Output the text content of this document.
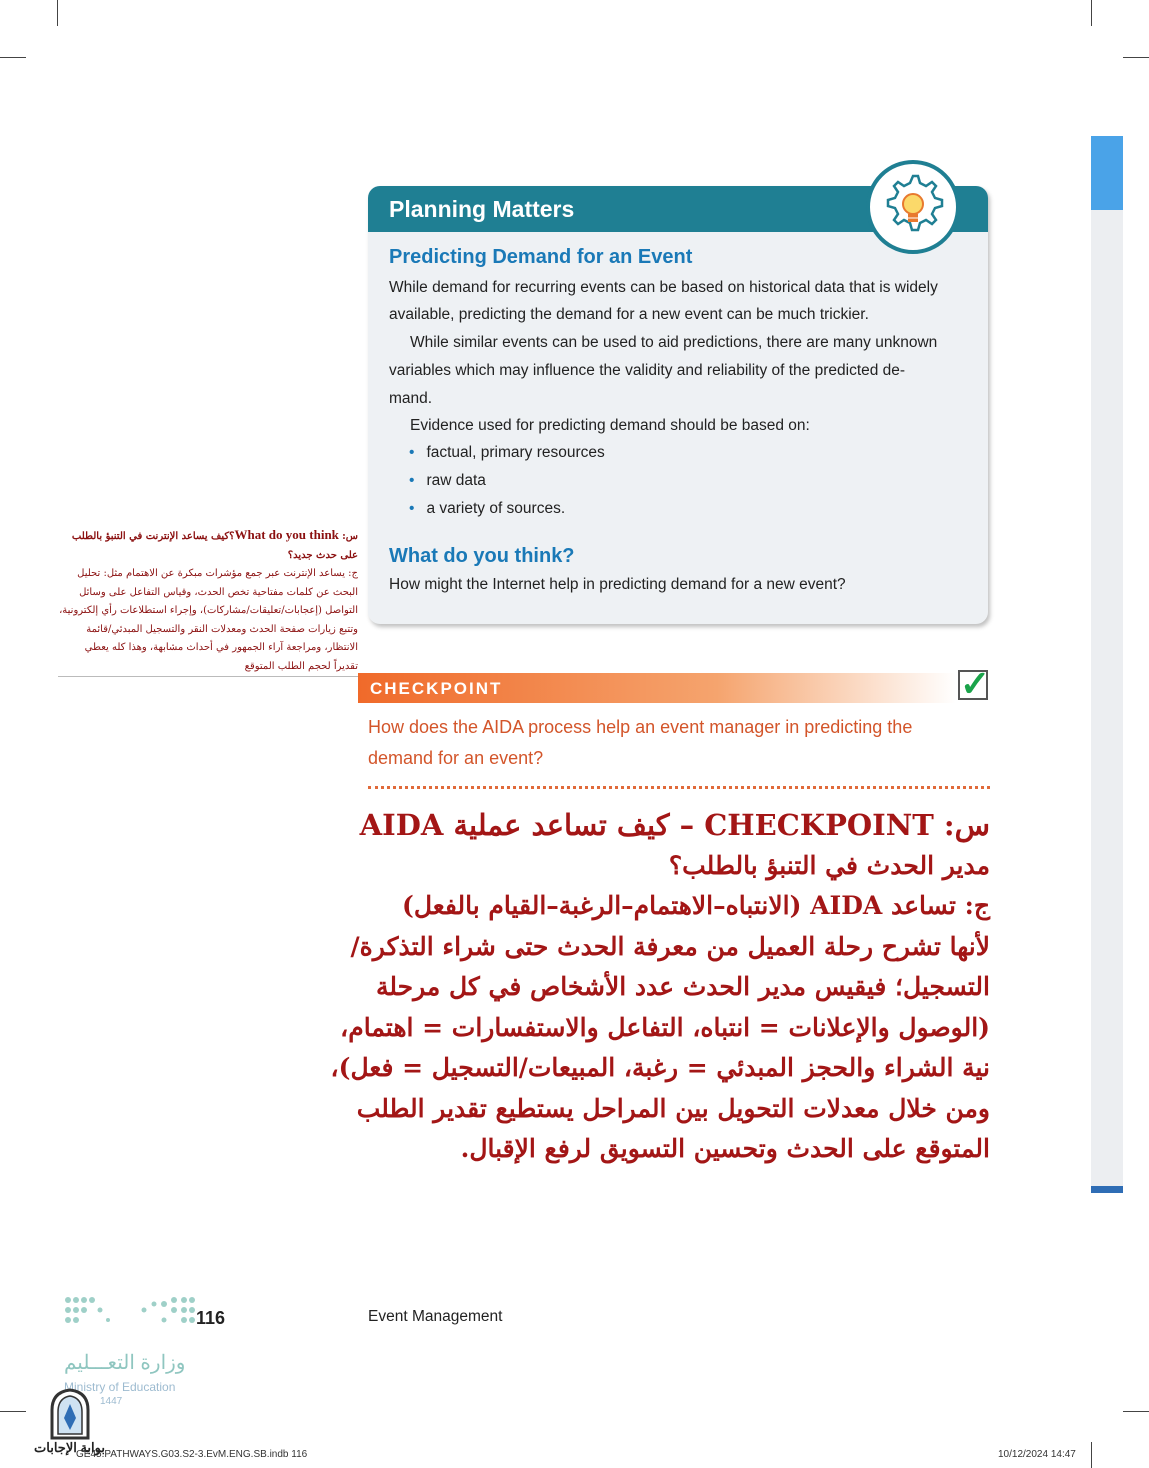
Planning Matters
Predicting Demand for an Event
While demand for recurring events can be based on historical data that is widely
available, predicting the demand for a new event can be much trickier.
While similar events can be used to aid predictions, there are many unknown
variables which may influence the validity and reliability of the predicted de-
mand.
Evidence used for predicting demand should be based on:
• factual, primary resources
• raw data
• a variety of sources.
What do you think?
How might the Internet help in predicting demand for a new event?
س: What do you think؟كيف يساعد الإنترنت في التنبؤ بالطلب على حدث جديد؟
ج: يساعد الإنترنت عبر جمع مؤشرات مبكرة عن الاهتمام مثل: تحليل البحث عن كلمات مفتاحية تخص الحدث، وقياس التفاعل على وسائل التواصل (إعجابات/تعليقات/مشاركات)، وإجراء استطلاعات رأي إلكترونية، وتتبع زيارات صفحة الحدث ومعدلات النقر والتسجيل المبدئي/قائمة الانتظار، ومراجعة آراء الجمهور في أحداث مشابهة، وهذا كله يعطي تقديراً لحجم الطلب المتوقع
CHECKPOINT	✓
How does the AIDA process help an event manager in predicting the
demand for an event?
س: CHECKPOINT – كيف تساعد عملية AIDA
مدير الحدث في التنبؤ بالطلب؟
ج: تساعد AIDA (الانتباه–الاهتمام–الرغبة–القيام بالفعل)
لأنها تشرح رحلة العميل من معرفة الحدث حتى شراء التذكرة/
التسجيل؛ فيقيس مدير الحدث عدد الأشخاص في كل مرحلة
(الوصول والإعلانات = انتباه، التفاعل والاستفسارات = اهتمام،
نية الشراء والحجز المبدئي = رغبة، المبيعات/التسجيل = فعل)،
ومن خلال معدلات التحويل بين المراحل يستطيع تقدير الطلب
المتوقع على الحدث وتحسين التسويق لرفع الإقبال.
116	Event Management
وزارة التعـــليم
Ministry of Education
1447
بوابة الإجابات
GE45.PATHWAYS.G03.S2-3.EvM.ENG.SB.indb 116	10/12/2024 14:47
